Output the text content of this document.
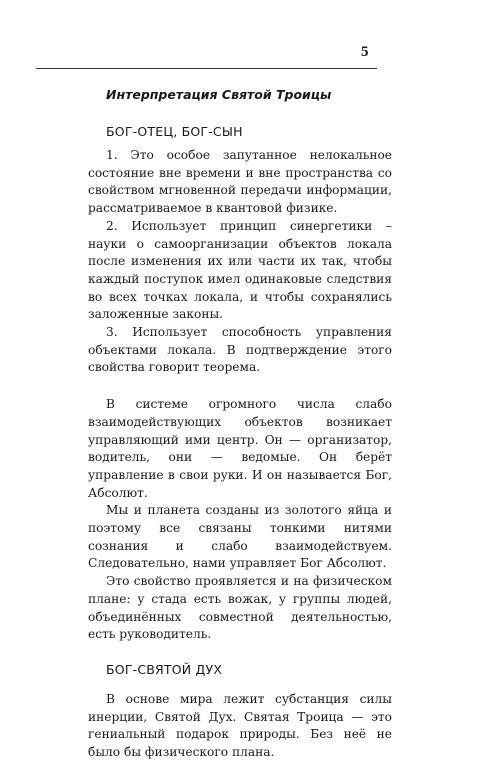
5
Интерпретация Святой Троицы
БОГ-ОТЕЦ, БОГ-СЫН

1. Это особое запутанное нелокальное состояние вне времени и вне пространства со свойством мгновенной передачи информации, рассматриваемое в квантовой физике.

2. Использует принцип синергетики – науки о самоорганизации объектов локала после изменения их или части их так, чтобы каждый поступок имел одинаковые следствия во всех точках локала, и чтобы сохранялись заложенные законы.

3. Использует способность управления объектами локала. В подтверждение этого свойства говорит теорема.

В системе огромного числа слабо взаимодействующих объектов возникает управляющий ими центр. Он — организатор, водитель, они — ведомые. Он берёт управление в свои руки. И он называется Бог, Абсолют.

Мы и планета созданы из золотого яйца и поэтому все связаны тонкими нитями сознания и слабо взаимодействуем. Следовательно, нами управляет Бог Абсолют.

Это свойство проявляется и на физическом плане: у стада есть вожак, у группы людей, объединённых совместной деятельностью, есть руководитель.

БОГ-СВЯТОЙ ДУХ

В основе мира лежит субстанция силы инерции, Святой Дух. Святая Троица — это гениальный подарок природы. Без неё не было бы физического плана.
